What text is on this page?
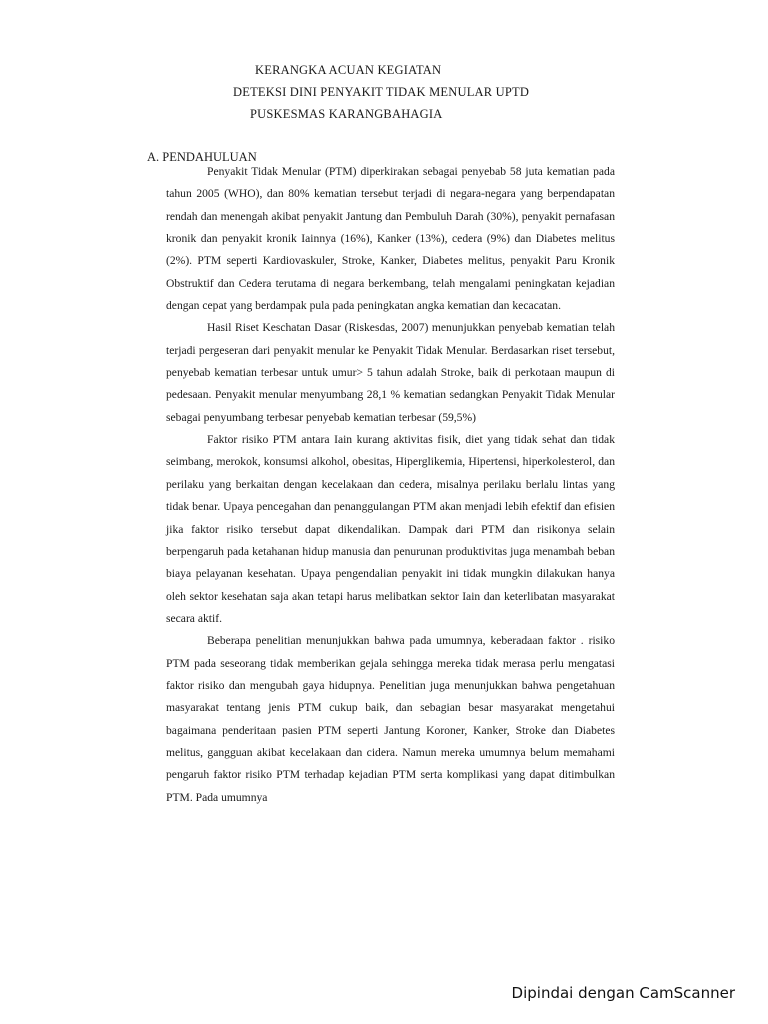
KERANGKA ACUAN KEGIATAN
DETEKSI DINI PENYAKIT TIDAK MENULAR UPTD
PUSKESMAS KARANGBAHAGIA
A. PENDAHULUAN

Penyakit Tidak Menular (PTM) diperkirakan sebagai penyebab 58 juta kematian pada tahun 2005 (WHO), dan 80% kematian tersebut terjadi di negara-negara yang berpendapatan rendah dan menengah akibat penyakit Jantung dan Pembuluh Darah (30%), penyakit pernafasan kronik dan penyakit kronik Iainnya (16%), Kanker (13%), cedera (9%) dan Diabetes melitus (2%). PTM seperti Kardiovaskuler, Stroke, Kanker, Diabetes melitus, penyakit Paru Kronik Obstruktif dan Cedera terutama di negara berkembang, telah mengalami peningkatan kejadian dengan cepat yang berdampak pula pada peningkatan angka kematian dan kecacatan.

Hasil Riset Keschatan Dasar (Riskesdas, 2007) menunjukkan penyebab kematian telah terjadi pergeseran dari penyakit menular ke Penyakit Tidak Menular. Berdasarkan riset tersebut, penyebab kematian terbesar untuk umur> 5 tahun adalah Stroke, baik di perkotaan maupun di pedesaan. Penyakit menular menyumbang 28,1 % kematian sedangkan Penyakit Tidak Menular sebagai penyumbang terbesar penyebab kematian terbesar (59,5%)

Faktor risiko PTM antara Iain kurang aktivitas fisik, diet yang tidak sehat dan tidak seimbang, merokok, konsumsi alkohol, obesitas, Hiperglikemia, Hipertensi, hiperkolesterol, dan perilaku yang berkaitan dengan kecelakaan dan cedera, misalnya perilaku berlalu lintas yang tidak benar. Upaya pencegahan dan penanggulangan PTM akan menjadi lebih efektif dan efisien jika faktor risiko tersebut dapat dikendalikan. Dampak dari PTM dan risikonya selain berpengaruh pada ketahanan hidup manusia dan penurunan produktivitas juga menambah beban biaya pelayanan kesehatan. Upaya pengendalian penyakit ini tidak mungkin dilakukan hanya oleh sektor kesehatan saja akan tetapi harus melibatkan sektor Iain dan keterlibatan masyarakat secara aktif.

Beberapa penelitian menunjukkan bahwa pada umumnya, keberadaan faktor . risiko PTM pada seseorang tidak memberikan gejala sehingga mereka tidak merasa perlu mengatasi faktor risiko dan mengubah gaya hidupnya. Penelitian juga menunjukkan bahwa pengetahuan masyarakat tentang jenis PTM cukup baik, dan sebagian besar masyarakat mengetahui bagaimana penderitaan pasien PTM seperti Jantung Koroner, Kanker, Stroke dan Diabetes melitus, gangguan akibat kecelakaan dan cidera. Namun mereka umumnya belum memahami pengaruh faktor risiko PTM terhadap kejadian PTM serta komplikasi yang dapat ditimbulkan PTM. Pada umumnya

Dipindai dengan CamScanner
